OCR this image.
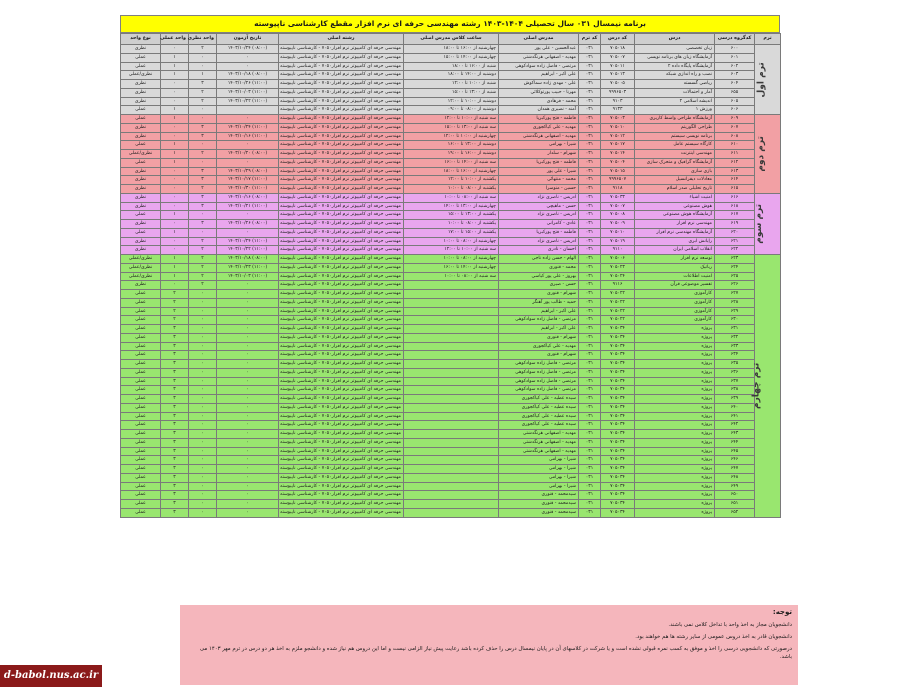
برنامه نیمسال ۰۳۱ سال تحصیلی ۱۴۰۴-۱۴۰۳ رشته مهندسی حرفه ای نرم افزار مقطع کارشناسی ناپیوسته
ترم	کدگروه درسی	درس	کد درس	کد ترم	مدرس اصلی	ساعت کلاس مدرس اصلی	رشته اصلی	تاریخ آزمون	واحد نظری	واحد عملی	نوع واحد
ترم اول	۶۰۰	زبان تخصصی	۷۰۵۰۱۸	۰۳۱	عبدالحسین - علی پور	چهارشنبه از ۱۶:۰۰ تا ۱۸:۰۰	مهندسی حرفه ای کامپیوتر نرم افزار۷۰۵۰ - کارشناسی ناپیوسته	(۰۸:۰۰) ۱۴۰۳/۱۰/۲۴	۲	۰	نظری
	۶۰۱	آزمایشگاه زبان های برنامه نویسی	۷۰۵۰۰۷	۰۳۱	مهدیه - اصفهانی هرنگدشتی	چهارشنبه از ۱۴:۰۰ تا ۱۵:۰۰	مهندسی حرفه ای کامپیوتر نرم افزار۷۰۵۰ - کارشناسی ناپیوسته	۰	۰	۱	عملی
	۶۰۲	آزمایشگاه پایگاه داده ۲	۷۰۵۰۱۱	۰۳۱	مرتضی - فاضل زاده سوادکوهی	شنبه از ۱۶:۰۰ تا ۱۸:۰۰	مهندسی حرفه ای کامپیوتر نرم افزار۷۰۵۰ - کارشناسی ناپیوسته	۰	۰	۱	عملی
	۶۰۳	نصب و راه اندازی شبکه	۷۰۵۰۱۳	۰۳۱	علی اکبر - ابراهیم	دوشنبه از ۱۴:۰۰ تا ۱۸:۰۰	مهندسی حرفه ای کامپیوتر نرم افزار۷۰۵۰ - کارشناسی ناپیوسته	(۰۸:۰۰) ۱۴۰۳/۱۰/۱۸	۱	۱	نظری/عملی
	۶۰۴	ریاضی گسسته	۷۰۵۰۰۵	۰۳۱	علی - مهدی زاده سماکوش	شنبه از ۱۰:۰۰ تا ۱۲:۰۰	مهندسی حرفه ای کامپیوتر نرم افزار۷۰۵۰ - کارشناسی ناپیوسته	(۱۱:۰۰) ۱۴۰۳/۱۰/۲۶	۳	۰	نظری
	۶۵۵	آمار و احتمالات	۹۹۹۶۵۰۳	۰۳۱	مهرنا - حبیب پورتوکلائی	شنبه از ۱۳:۰۰ تا ۱۵:۰۰	مهندسی حرفه ای کامپیوتر نرم افزار۷۰۵۰ - کارشناسی ناپیوسته	(۱۱:۰۰) ۱۴۰۳/۱۰/۰۳	۲	۰	نظری
	۶۰۵	اندیشه اسلامی ۲	۹۱۰۳	۰۳۱	محمد - فرهادی	دوشنبه از ۱۰:۰۰ تا ۱۲:۰۰	مهندسی حرفه ای کامپیوتر نرم افزار۷۰۵۰ - کارشناسی ناپیوسته	(۱۱:۰۰) ۱۴۰۳/۱۰/۲۲	۲	۰	نظری
	۶۰۶	ورزش ۱	۹۱۳۳	۰۳۱	آمنه - نصیری همدان	دوشنبه از ۰۸:۰۰ تا ۰۹:۰۰	مهندسی حرفه ای کامپیوتر نرم افزار۷۰۵۰ - کارشناسی ناپیوسته		۰	۱	عملی
ترم دوم	۶۰۹	آزمایشگاه طراحی واسط کاربری	۷۰۵۰۰۳	۰۳۱	فاطمه - فتح پورکبریا	سه شنبه از ۱۰:۰۰ تا ۱۲:۰۰	مهندسی حرفه ای کامپیوتر نرم افزار۷۰۵۰ - کارشناسی ناپیوسته	۰	۰	۱	عملی
	۶۰۷	طراحی الگوریتم	۷۰۵۰۱۰	۰۳۱	مهدیه - علی کیاکجوری	سه شنبه از ۱۳:۰۰ تا ۱۵:۰۰	مهندسی حرفه ای کامپیوتر نرم افزار۷۰۵۰ - کارشناسی ناپیوسته	(۱۱:۰۰) ۱۴۰۳/۱۰/۲۴	۳	۰	نظری
	۶۰۸	برنامه نویسی سیستم	۷۰۵۰۱۲	۰۳۱	مهدیه - اصفهانی هرنگدشتی	چهارشنبه از ۱۰:۰۰ تا ۱۲:۰۰	مهندسی حرفه ای کامپیوتر نرم افزار۷۰۵۰ - کارشناسی ناپیوسته	(۱۱:۰۰) ۱۴۰۳/۱۰/۱۶	۳	۰	نظری
	۶۱۰	کارگاه سیستم عامل	۷۰۵۰۱۷	۰۳۱	شیرا - بهرامی	دوشنبه از ۱۳:۰۰ تا ۱۶:۰۰	مهندسی حرفه ای کامپیوتر نرم افزار۷۰۵۰ - کارشناسی ناپیوسته	۰	۰	۱	عملی
	۶۱۱	مهندسی اینترنت	۷۰۵۰۱۴	۰۳۱	شهرام - سلدار	دوشنبه از ۱۶:۰۰ تا ۱۹:۰۰	مهندسی حرفه ای کامپیوتر نرم افزار۷۰۵۰ - کارشناسی ناپیوسته	(۰۸:۰۰) ۱۴۰۳/۱۰/۲۰	۲	۱	نظری/عملی
	۶۱۲	آزمایشگاه گرافیک و متحرک سازی	۷۰۵۰۰۴	۰۳۱	فاطمه - فتح پورکبریا	سه شنبه از ۱۴:۰۰ تا ۱۶:۰۰	مهندسی حرفه ای کامپیوتر نرم افزار۷۰۵۰ - کارشناسی ناپیوسته	۰	۰	۱	عملی
	۶۱۳	بازی سازی	۷۰۵۰۱۵	۰۳۱	شیرا - علی پور	چهارشنبه از ۱۶:۰۰ تا ۱۸:۰۰	مهندسی حرفه ای کامپیوتر نرم افزار۷۰۵۰ - کارشناسی ناپیوسته	(۰۸:۰۰) ۱۴۰۳/۱۰/۲۹	۳	۰	نظری
	۶۱۴	معادلات دیفرانسیل	۹۹۹۶۵۰۷	۰۳۱	محمد - منتهائی	یکشنبه از ۱۰:۰۰ تا ۱۲:۰۰	مهندسی حرفه ای کامپیوتر نرم افزار۷۰۵۰ - کارشناسی ناپیوسته	(۱۱:۰۰) ۱۴۰۳/۱۰/۱۷	۳	۰	نظری
	۶۱۵	تاریخ تحلیلی صدر اسلام	۹۱۱۸	۰۳۱	حسین - منوسرا	یکشنبه از ۰۸:۰۰ تا ۱۰:۰۰	مهندسی حرفه ای کامپیوتر نرم افزار۷۰۵۰ - کارشناسی ناپیوسته	(۱۱:۰۰) ۱۴۰۳/۱۰/۳۰	۲	۰	نظری
ترم سوم	۶۱۶	امنیت اشیاء	۷۰۵۰۳۳	۰۳۱	ادریس - ناصری نژاد	سه شنبه از ۰۸:۰۰ تا ۱۰:۰۰	مهندسی حرفه ای کامپیوتر نرم افزار۷۰۵۰ - کارشناسی ناپیوسته	(۰۸:۰۰) ۱۴۰۳/۱۰/۱۶	۳	۰	نظری
	۶۱۸	هوش مصنوعی	۷۰۵۰۰۷	۰۳۱	حسن - ماهیچی	چهارشنبه از ۱۳:۰۰ تا ۱۴:۰۰	مهندسی حرفه ای کامپیوتر نرم افزار۷۰۵۰ - کارشناسی ناپیوسته	(۱۱:۰۰) ۱۴۰۳/۱۰/۲۱	۳	۰	نظری
	۶۱۷	آزمایشگاه هوش مصنوعی	۷۰۵۰۰۸	۰۳۱	ادریس - ناصری نژاد	یکشنبه از ۱۳:۰۰ تا ۱۵:۰۰	مهندسی حرفه ای کامپیوتر نرم افزار۷۰۵۰ - کارشناسی ناپیوسته	۰	۰	۱	عملی
	۶۱۹	مهندسی نرم افزار	۷۰۵۰۰۹	۰۳۱	عادی - کامرانی	یکشنبه از ۰۸:۰۰ تا ۱۰:۰۰	مهندسی حرفه ای کامپیوتر نرم افزار۷۰۵۰ - کارشناسی ناپیوسته	(۰۸:۰۰) ۱۴۰۳/۱۰/۲۶	۳	۰	نظری
	۶۲۰	آزمایشگاه مهندسی نرم افزار	۷۰۵۰۱۰	۰۳۱	فاطمه - فتح پورکبریا	یکشنبه از ۱۵:۰۰ تا ۱۷:۰۰	مهندسی حرفه ای کامپیوتر نرم افزار۷۰۵۰ - کارشناسی ناپیوسته	۰	۰	۱	عملی
	۶۲۱	رایانش ابری	۷۰۵۰۱۹	۰۳۱	ادریس - ناصری نژاد	چهارشنبه از ۰۸:۰۰ تا ۱۰:۰۰	مهندسی حرفه ای کامپیوتر نرم افزار۷۰۵۰ - کارشناسی ناپیوسته	(۱۱:۰۰) ۱۴۰۳/۱۰/۲۴	۲	۰	نظری
	۶۲۲	انقلاب اسلامی ایران	۹۱۱۰	۰۳۱	احسان - نادری	سه شنبه از ۱۰:۰۰ تا ۱۲:۰۰	مهندسی حرفه ای کامپیوتر نرم افزار۷۰۵۰ - کارشناسی ناپیوسته	(۱۱:۰۰) ۱۴۰۳/۱۰/۲۲	۲	۰	نظری
ترم چهارم	۶۲۳	توسعه نرم افزار	۷۰۵۰۰۶	۰۳۱	الهام - حسن زاده ناجی	چهارشنبه از ۰۸:۰۰ تا ۱۰:۰۰	مهندسی حرفه ای کامپیوتر نرم افزار۷۰۵۰ - کارشناسی ناپیوسته	(۰۸:۰۰) ۱۴۰۳/۱۰/۱۸	۲	۱	نظری/عملی
	۶۲۴	رباتیک	۷۰۵۰۲۳	۰۳۱	محمد - قنوری	چهارشنبه از ۱۴:۰۰ تا ۱۶:۰۰	مهندسی حرفه ای کامپیوتر نرم افزار۷۰۵۰ - کارشناسی ناپیوسته	(۱۱:۰۰) ۱۴۰۳/۱۰/۲۳	۲	۱	نظری/عملی
	۶۲۵	امنیت اطلاعات	۷۰۵۰۲۴	۰۳۱	بهروز - علی پور کیاسی	سه شنبه از ۰۸:۰۰ تا ۱۰:۰۰	مهندسی حرفه ای کامپیوتر نرم افزار۷۰۵۰ - کارشناسی ناپیوسته	(۱۱:۰۰) ۱۴۰۳/۱۰/۰۳	۲	۱	نظری/عملی
	۶۲۶	تفسیر موضوعی قرآن	۹۱۱۶	۰۳۱	حسن - صیری		مهندسی حرفه ای کامپیوتر نرم افزار۷۰۵۰ - کارشناسی ناپیوسته	۰	۲	۰	نظری
	۶۲۷	کارآموزی	۷۰۵۰۲۲	۰۳۱	شهرام - قنوری		مهندسی حرفه ای کامپیوتر نرم افزار۷۰۵۰ - کارشناسی ناپیوسته	۰	۰	۲	عملی
	۶۲۸	کارآموزی	۷۰۵۰۲۲	۰۳۱	حمید - طالب پور آهنگر		مهندسی حرفه ای کامپیوتر نرم افزار۷۰۵۰ - کارشناسی ناپیوسته	۰	۰	۲	عملی
	۶۲۹	کارآموزی	۷۰۵۰۲۲	۰۳۱	علی اکبر - ابراهیم		مهندسی حرفه ای کامپیوتر نرم افزار۷۰۵۰ - کارشناسی ناپیوسته	۰	۰	۲	عملی
	۶۳۰	کارآموزی	۷۰۵۰۲۲	۰۳۱	مرتضی - فاضل زاده سوادکوهی		مهندسی حرفه ای کامپیوتر نرم افزار۷۰۵۰ - کارشناسی ناپیوسته	۰	۰	۲	عملی
	۶۳۱	پروژه	۷۰۵۰۳۴	۰۳۱	علی اکبر - ابراهیم		مهندسی حرفه ای کامپیوتر نرم افزار۷۰۵۰ - کارشناسی ناپیوسته	۰	۰	۳	عملی
	۶۳۲	پروژه	۷۰۵۰۳۴	۰۳۱	شهرام - قنوری		مهندسی حرفه ای کامپیوتر نرم افزار۷۰۵۰ - کارشناسی ناپیوسته	۰	۰	۳	عملی
	۶۳۳	پروژه	۷۰۵۰۳۴	۰۳۱	مهدیه - علی کیاکجوری		مهندسی حرفه ای کامپیوتر نرم افزار۷۰۵۰ - کارشناسی ناپیوسته	۰	۰	۳	عملی
	۶۳۴	پروژه	۷۰۵۰۳۴	۰۳۱	شهرام - قنوری		مهندسی حرفه ای کامپیوتر نرم افزار۷۰۵۰ - کارشناسی ناپیوسته	۰	۰	۳	عملی
	۶۳۵	پروژه	۷۰۵۰۳۴	۰۳۱	مرتضی - فاضل زاده سوادکوهی		مهندسی حرفه ای کامپیوتر نرم افزار۷۰۵۰ - کارشناسی ناپیوسته	۰	۰	۳	عملی
	۶۳۶	پروژه	۷۰۵۰۳۴	۰۳۱	مرتضی - فاضل زاده سوادکوهی		مهندسی حرفه ای کامپیوتر نرم افزار۷۰۵۰ - کارشناسی ناپیوسته	۰	۰	۳	عملی
	۶۳۷	پروژه	۷۰۵۰۳۴	۰۳۱	مرتضی - فاضل زاده سوادکوهی		مهندسی حرفه ای کامپیوتر نرم افزار۷۰۵۰ - کارشناسی ناپیوسته	۰	۰	۳	عملی
	۶۳۸	پروژه	۷۰۵۰۳۴	۰۳۱	مرتضی - فاضل زاده سوادکوهی		مهندسی حرفه ای کامپیوتر نرم افزار۷۰۵۰ - کارشناسی ناپیوسته	۰	۰	۳	عملی
	۶۳۹	پروژه	۷۰۵۰۳۴	۰۳۱	سیده عطیه - علی کیاکجوری		مهندسی حرفه ای کامپیوتر نرم افزار۷۰۵۰ - کارشناسی ناپیوسته	۰	۰	۳	عملی
	۶۴۰	پروژه	۷۰۵۰۳۴	۰۳۱	سیده عطیه - علی کیاکجوری		مهندسی حرفه ای کامپیوتر نرم افزار۷۰۵۰ - کارشناسی ناپیوسته	۰	۰	۳	عملی
	۶۴۱	پروژه	۷۰۵۰۳۴	۰۳۱	سیده عطیه - علی کیاکجوری		مهندسی حرفه ای کامپیوتر نرم افزار۷۰۵۰ - کارشناسی ناپیوسته	۰	۰	۳	عملی
	۶۴۲	پروژه	۷۰۵۰۳۴	۰۳۱	سیده عطیه - علی کیاکجوری		مهندسی حرفه ای کامپیوتر نرم افزار۷۰۵۰ - کارشناسی ناپیوسته	۰	۰	۳	عملی
	۶۴۳	پروژه	۷۰۵۰۳۴	۰۳۱	مهدیه - اصفهانی هرنگدشتی		مهندسی حرفه ای کامپیوتر نرم افزار۷۰۵۰ - کارشناسی ناپیوسته	۰	۰	۳	عملی
	۶۴۴	پروژه	۷۰۵۰۳۴	۰۳۱	مهدیه - اصفهانی هرنگدشتی		مهندسی حرفه ای کامپیوتر نرم افزار۷۰۵۰ - کارشناسی ناپیوسته	۰	۰	۳	عملی
	۶۴۵	پروژه	۷۰۵۰۳۴	۰۳۱	مهدیه - اصفهانی هرنگدشتی		مهندسی حرفه ای کامپیوتر نرم افزار۷۰۵۰ - کارشناسی ناپیوسته	۰	۰	۳	عملی
	۶۴۶	پروژه	۷۰۵۰۳۴	۰۳۱	شیرا - بهرامی		مهندسی حرفه ای کامپیوتر نرم افزار۷۰۵۰ - کارشناسی ناپیوسته	۰	۰	۳	عملی
	۶۴۷	پروژه	۷۰۵۰۳۴	۰۳۱	شیرا - بهرامی		مهندسی حرفه ای کامپیوتر نرم افزار۷۰۵۰ - کارشناسی ناپیوسته	۰	۰	۳	عملی
	۶۴۸	پروژه	۷۰۵۰۳۴	۰۳۱	شیرا - بهرامی		مهندسی حرفه ای کامپیوتر نرم افزار۷۰۵۰ - کارشناسی ناپیوسته	۰	۰	۳	عملی
	۶۴۹	پروژه	۷۰۵۰۳۴	۰۳۱	شیرا - بهرامی		مهندسی حرفه ای کامپیوتر نرم افزار۷۰۵۰ - کارشناسی ناپیوسته	۰	۰	۳	عملی
	۶۵۰	پروژه	۷۰۵۰۳۴	۰۳۱	سیدمحمد - قنوری		مهندسی حرفه ای کامپیوتر نرم افزار۷۰۵۰ - کارشناسی ناپیوسته	۰	۰	۳	عملی
	۶۵۱	پروژه	۷۰۵۰۳۴	۰۳۱	سیدمحمد - قنوری		مهندسی حرفه ای کامپیوتر نرم افزار۷۰۵۰ - کارشناسی ناپیوسته	۰	۰	۳	عملی
	۶۵۲	پروژه	۷۰۵۰۳۴	۰۳۱	سیدمحمد - قنوری		مهندسی حرفه ای کامپیوتر نرم افزار۷۰۵۰ - کارشناسی ناپیوسته	۰	۰	۳	عملی
توجه:
دانشجویان مجاز به اخذ واحد با تداخل کلاس نمی باشند.
دانشجویان قادر به اخذ دروس عمومی از سایر رشته ها هم خواهند بود.
درصورتی که دانشجویی درسی را اخذ و موفق به کسب نمره قبولی نشده است و یا شرکت در کلاسهای آن در پایان نیمسال درس را حذف کرده باشد رعایت پیش نیاز الزامی نیست و اما این دروس هم نیاز شده و دانشجو ملزم به اخذ هر دو درس در ترم مهر ۱۴۰۳ می باشد.
d-babol.nus.ac.ir
